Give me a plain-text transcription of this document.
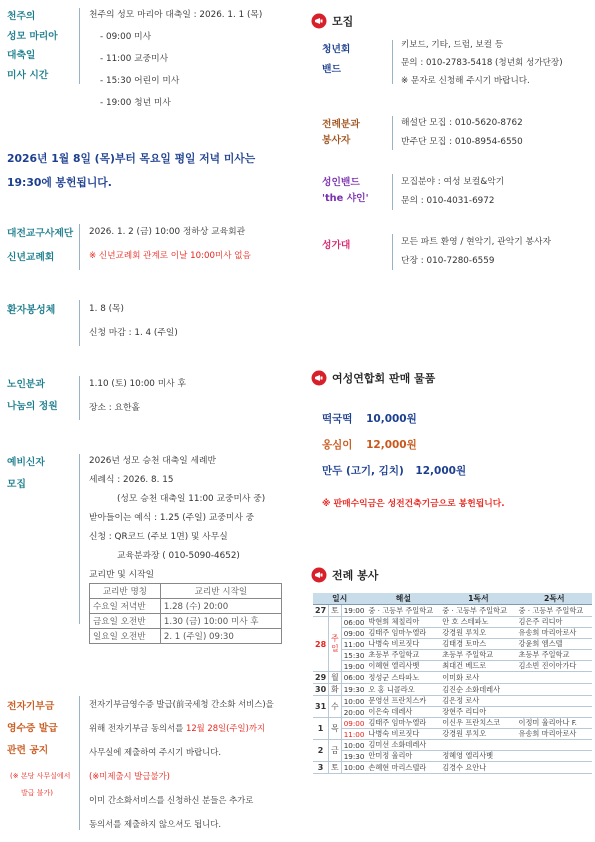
천주의
성모 마리아
대축일
미사 시간
천주의 성모 마리아 대축일 : 2026. 1. 1 (목)
- 09:00 미사
- 11:00 교중미사
- 15:30 어린이 미사
- 19:00 청년 미사
2026년 1월 8일 (목)부터 목요일 평일 저녁 미사는
19:30에 봉헌됩니다.
대전교구사제단
신년교례회
2026. 1. 2 (금) 10:00 정하상 교육회관
※ 신년교례회 관계로 이날 10:00미사 없음
환자봉성체	1. 8 (목)
신청 마감 : 1. 4 (주일)
노인분과
나눔의 정원
1.10 (토) 10:00 미사 후
장소 : 요한홀
예비신자
모집
2026년 성모 승천 대축일 세례반
세례식 : 2026. 8. 15
(성모 승천 대축일 11:00 교중미사 중)
받아들이는 예식 : 1.25 (주일) 교중미사 중
신청 : QR코드 (주보 1면) 및 사무실
교육분과장 ( 010-5090-4652)
교리반 및 시작일
교리반 명칭	교리반 시작일
수요일 저녁반	1.28 (수) 20:00
금요일 오전반	1.30 (금) 10:00 미사 후
일요일 오전반	2. 1 (주일) 09:30
전자기부금
영수증 발급
관련 공지
(※ 본당 사무실에서
발급 불가)
전자기부금영수증 발급(前국세청 간소화 서비스)을
위해 전자기부금 동의서를 12월 28일(주일)까지
사무실에 제출하여 주시기 바랍니다.
(※미제출시 발급불가)
이미 간소화서비스를 신청하신 분들은 추가로
동의서를 제출하지 않으셔도 됩니다.
모집
청년회
밴드
키보드, 기타, 드럼, 보컬 등
문의 : 010-2783-5418 (청년회 성가단장)
※ 문자로 신청해 주시기 바랍니다.
전례분과
봉사자
해설단 모집 : 010-5620-8762
반주단 모집 : 010-8954-6550
성인밴드
'the 샤인'
모집분야 : 여성 보컬&악기
문의 : 010-4031-6972
성가대	모든 파트 환영 / 현악기, 관악기 봉사자
단장 : 010-7280-6559
여성연합회 판매 물품
떡국떡 10,000원
옹심이 12,000원
만두 (고기, 김치) 12,000원
※ 판매수익금은 성전건축기금으로 봉헌됩니다.
전례 봉사
일시			해설	1독서	2독서
27	토	19:00	중 · 고등부 주일학교	중 · 고등부 주일학교	중 · 고등부 주일학교
28	주일	06:00	박현희 체칠리아	안 호 스테파노	김은주 리디아
		09:00	김태주 임마누엘라	강경원 루치오	유송희 마리아로사
		11:00	나병숙 비르짓다	김태경 토마스	강윤희 엠스텔
		15:30	초등부 주일학교	초등부 주일학교	초등부 주일학교
		19:00	이혜현 엘리사벳	최대건 베드로	김소빈 진이아가다
29	월	06:00	정성군 스타파노	이미화 로사	
30	화	19:30	오 홍 니콜라오	김진순 소화데레사	
31	수	10:00	문영선 프란치스카	김은정 로사	
		20:00	이은숙 데레사	장현주 리디아	
1	목	09:00	김태주 임마누엘라	이신우 프란치스코	이정미 율리아나 F.
		11:00	나병숙 비르짓다	강경원 루치오	유송희 마리아로사
2	금	10:00	김미선 소화데레사		
		19:30	안미정 율리아	정혜영 엘리사벳	
3	토	10:00	손혜현 마리스텔라	김경수 요안나	
